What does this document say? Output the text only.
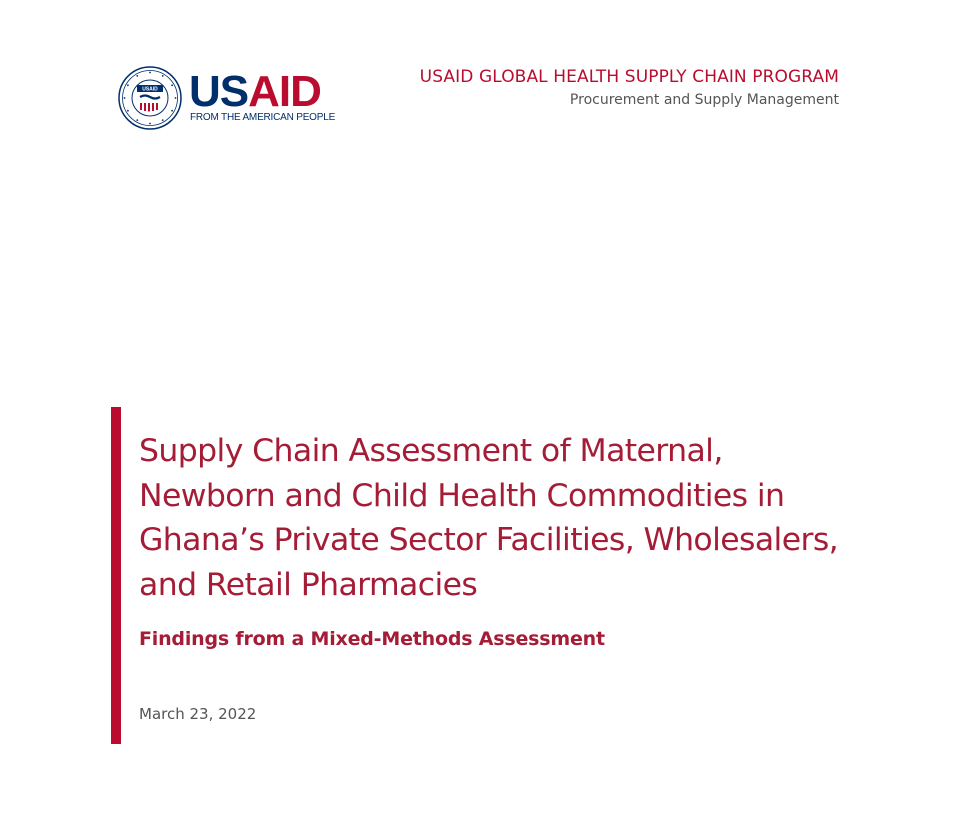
USAID USAID
FROM THE AMERICAN PEOPLE
USAID GLOBAL HEALTH SUPPLY CHAIN PROGRAM
Procurement and Supply Management
Supply Chain Assessment of Maternal, Newborn and Child Health Commodities in Ghana’s Private Sector Facilities, Wholesalers, and Retail Pharmacies
Findings from a Mixed-Methods Assessment
March 23, 2022
